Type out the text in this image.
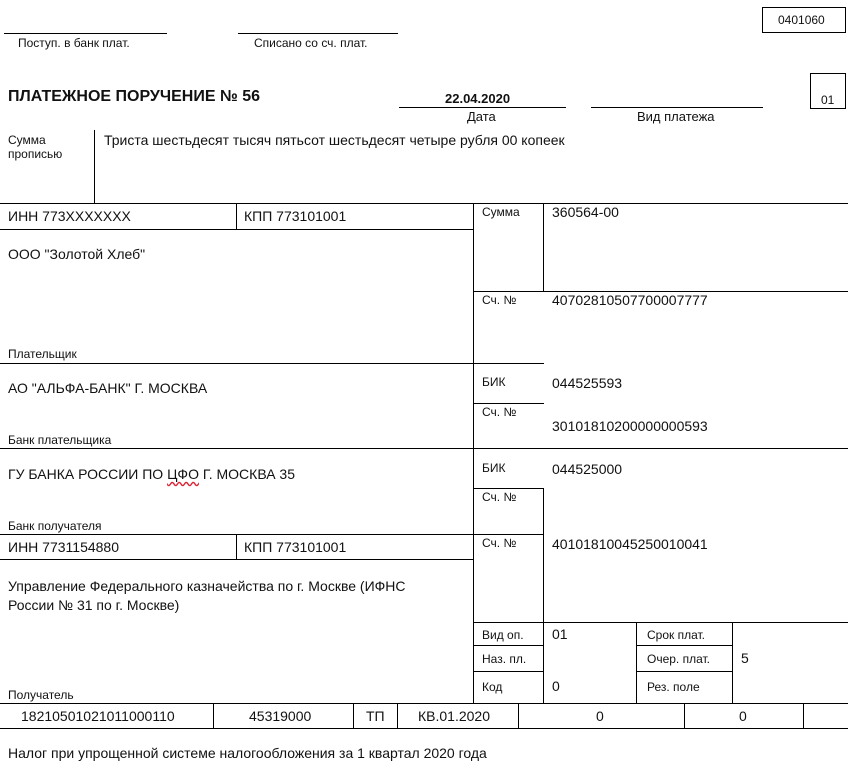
0401060
Поступ. в банк плат.	Списано со сч. плат.
ПЛАТЕЖНОЕ ПОРУЧЕНИЕ № 56	22.04.2020
Дата	Вид платежа
01
Сумма
прописью
Триста шестьдесят тысяч пятьсот шестьдесят четыре рубля 00 копеек
ИНН 773XXXXXXX	КПП 773101001
ООО "Золотой Хлеб"
Плательщик
Сумма 360564-00
Сч. №	40702810507700007777
АО "АЛЬФА-БАНК" Г. МОСКВА
Банк плательщика
БИК	044525593
Сч. №
30101810200000000593
ГУ БАНКА РОССИИ ПО ЦФО Г. МОСКВА 35
Банк получателя
БИК	044525000
Сч. №
ИНН 7731154880	КПП 773101001	Сч. №	40101810045250010041
Управление Федерального казначейства по г. Москве (ИФНС России № 31 по г. Москве)
Получатель
Вид оп. 01
Наз. пл.
Код	0
Срок плат.
Очер. плат. 5
Рез. поле
18210501021011000110	45319000	ТП КВ.01.2020	0	0
Налог при упрощенной системе налогообложения за 1 квартал 2020 года
